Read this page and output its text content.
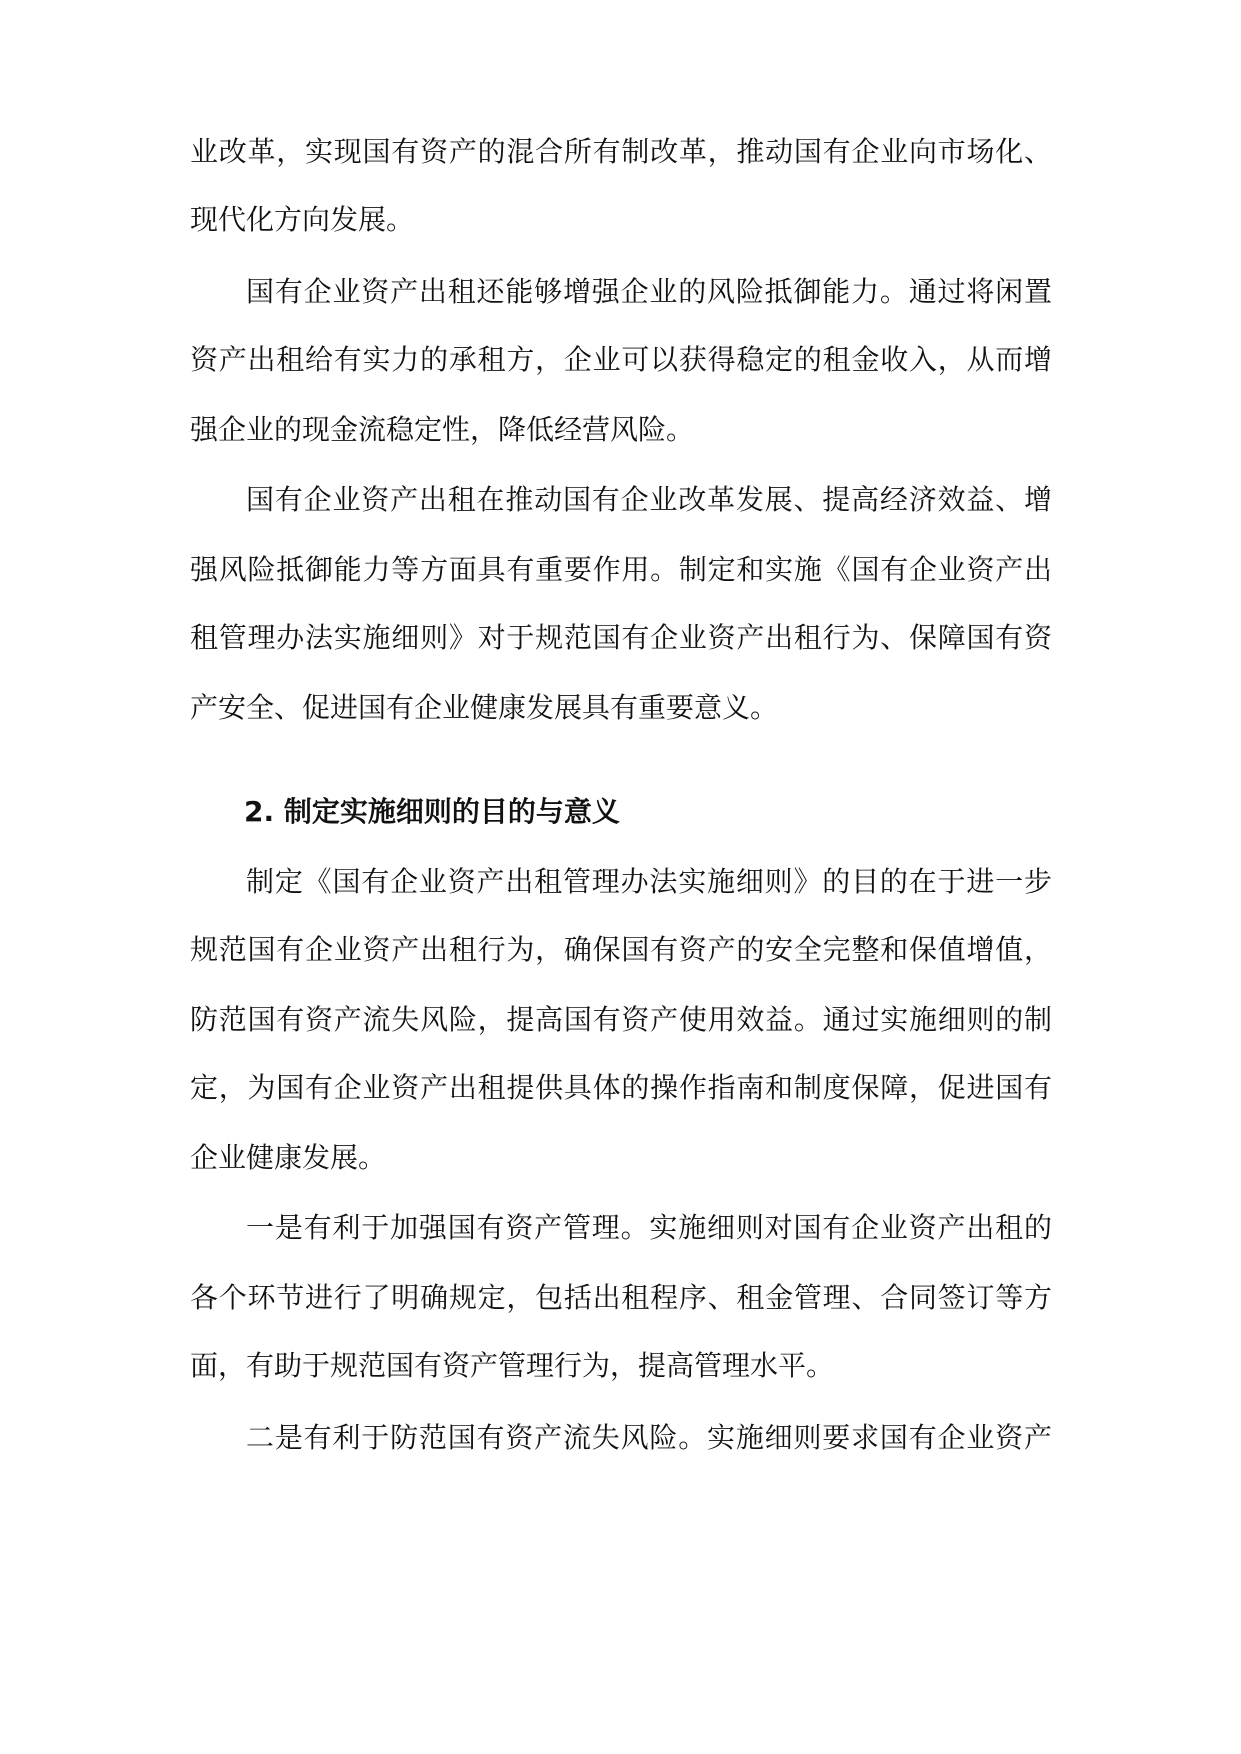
业改革，实现国有资产的混合所有制改革，推动国有企业向市场化、
现代化方向发展。
国有企业资产出租还能够增强企业的风险抵御能力。通过将闲置
资产出租给有实力的承租方，企业可以获得稳定的租金收入，从而增
强企业的现金流稳定性，降低经营风险。
国有企业资产出租在推动国有企业改革发展、提高经济效益、增
强风险抵御能力等方面具有重要作用。制定和实施《国有企业资产出
租管理办法实施细则》对于规范国有企业资产出租行为、保障国有资
产安全、促进国有企业健康发展具有重要意义。
2. 制定实施细则的目的与意义
制定《国有企业资产出租管理办法实施细则》的目的在于进一步
规范国有企业资产出租行为，确保国有资产的安全完整和保值增值，
防范国有资产流失风险，提高国有资产使用效益。通过实施细则的制
定，为国有企业资产出租提供具体的操作指南和制度保障，促进国有
企业健康发展。
一是有利于加强国有资产管理。实施细则对国有企业资产出租的
各个环节进行了明确规定，包括出租程序、租金管理、合同签订等方
面，有助于规范国有资产管理行为，提高管理水平。
二是有利于防范国有资产流失风险。实施细则要求国有企业资产
